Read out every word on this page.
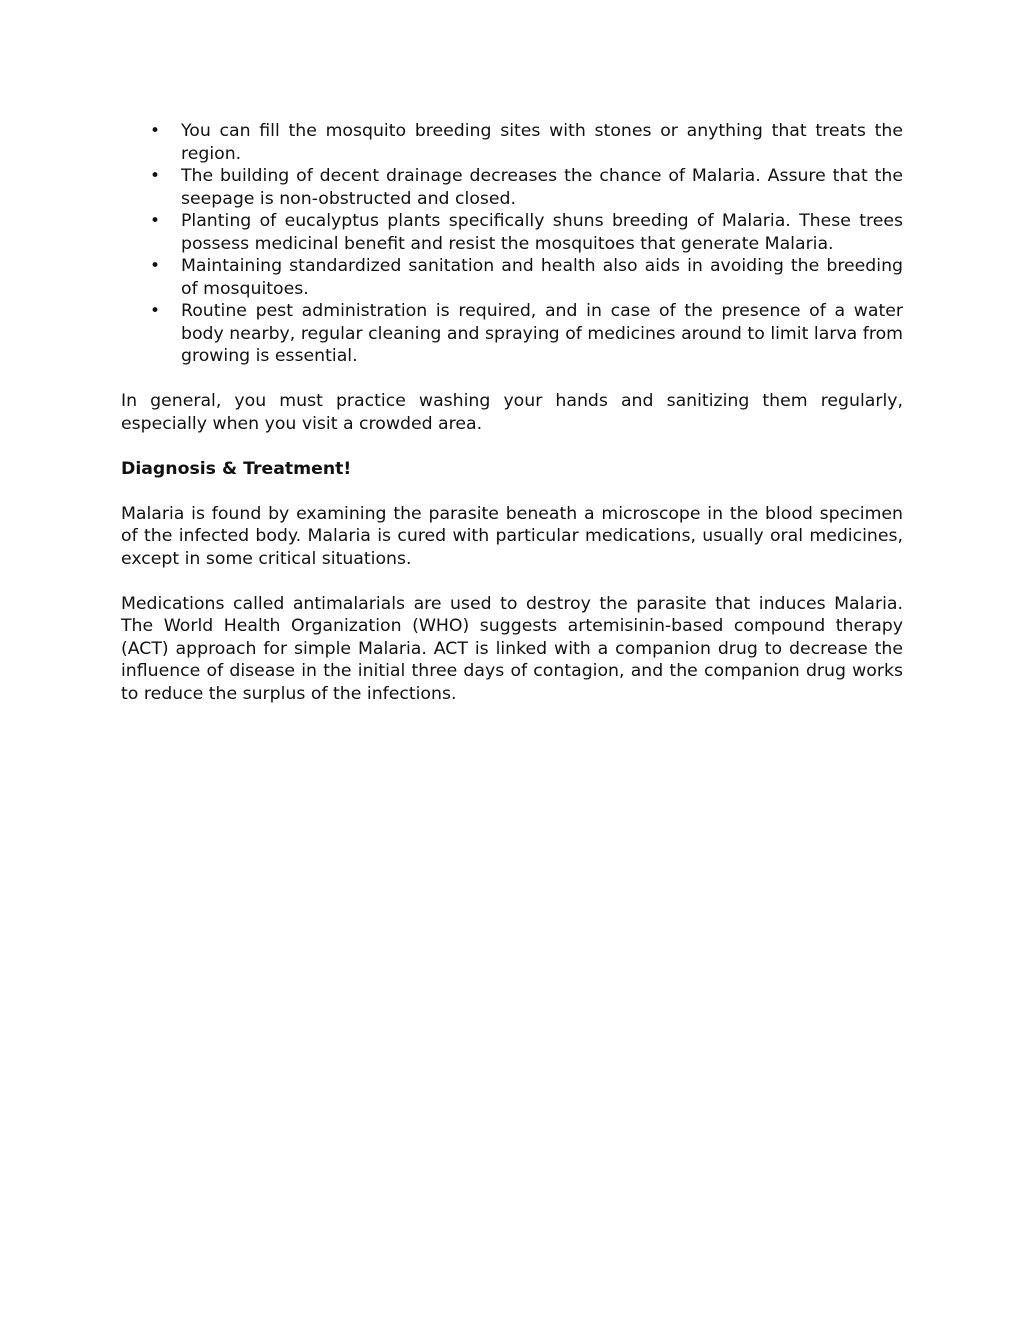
• You can fill the mosquito breeding sites with stones or anything that treats the region.
• The building of decent drainage decreases the chance of Malaria. Assure that the seepage is non-obstructed and closed.
• Planting of eucalyptus plants specifically shuns breeding of Malaria. These trees possess medicinal benefit and resist the mosquitoes that generate Malaria.
• Maintaining standardized sanitation and health also aids in avoiding the breeding of mosquitoes.
• Routine pest administration is required, and in case of the presence of a water body nearby, regular cleaning and spraying of medicines around to limit larva from growing is essential.

In general, you must practice washing your hands and sanitizing them regularly, especially when you visit a crowded area.

Diagnosis & Treatment!

Malaria is found by examining the parasite beneath a microscope in the blood specimen of the infected body. Malaria is cured with particular medications, usually oral medicines, except in some critical situations.

Medications called antimalarials are used to destroy the parasite that induces Malaria. The World Health Organization (WHO) suggests artemisinin-based compound therapy (ACT) approach for simple Malaria. ACT is linked with a companion drug to decrease the influence of disease in the initial three days of contagion, and the companion drug works to reduce the surplus of the infections.
